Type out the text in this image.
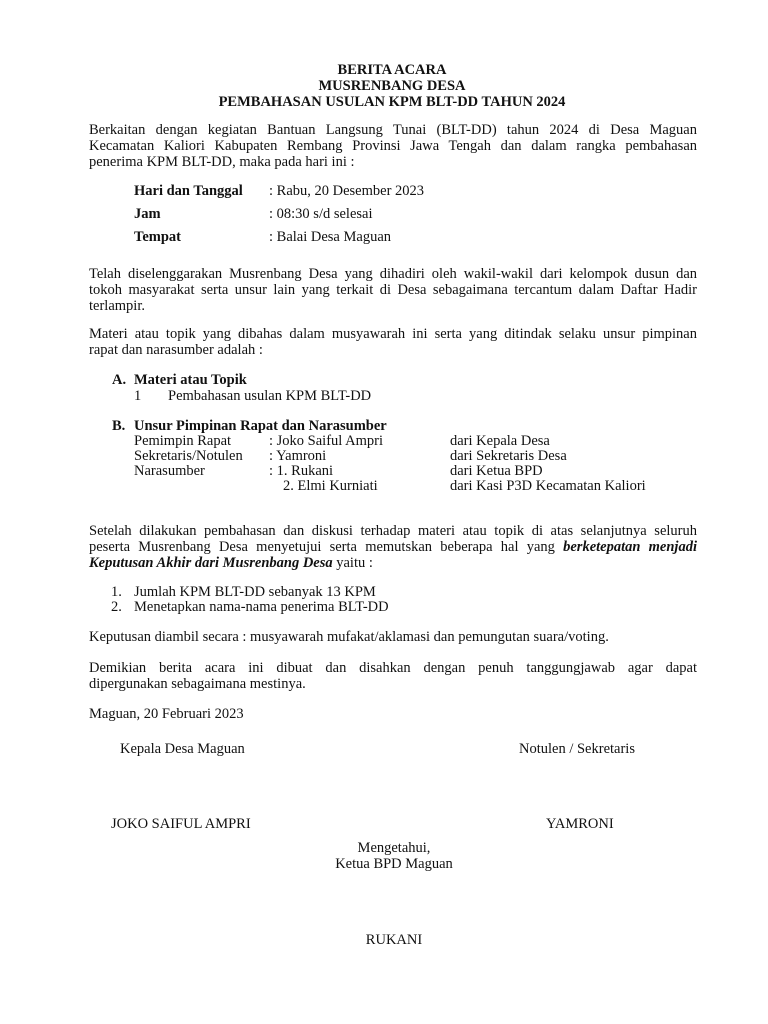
BERITA ACARA
MUSRENBANG DESA
PEMBAHASAN USULAN KPM BLT-DD TAHUN 2024
Berkaitan dengan kegiatan Bantuan Langsung Tunai (BLT-DD) tahun 2024 di Desa Maguan
Kecamatan Kaliori Kabupaten Rembang Provinsi Jawa Tengah dan dalam rangka pembahasan
penerima KPM BLT-DD, maka pada hari ini :
Hari dan Tanggal : Rabu, 20 Desember 2023
Jam	: 08:30 s/d selesai
Tempat	: Balai Desa Maguan
Telah diselenggarakan Musrenbang Desa yang dihadiri oleh wakil-wakil dari kelompok dusun dan
tokoh masyarakat serta unsur lain yang terkait di Desa sebagaimana tercantum dalam Daftar Hadir
terlampir.
Materi atau topik yang dibahas dalam musyawarah ini serta yang ditindak selaku unsur pimpinan
rapat dan narasumber adalah :
A. Materi atau Topik
1 Pembahasan usulan KPM BLT-DD
B. Unsur Pimpinan Rapat dan Narasumber
Pemimpin Rapat	: Joko Saiful Ampri	dari Kepala Desa
Sekretaris/Notulen : Yamroni	dari Sekretaris Desa
Narasumber	: 1. Rukani	dari Ketua BPD
2. Elmi Kurniati	dari Kasi P3D Kecamatan Kaliori
Setelah dilakukan pembahasan dan diskusi terhadap materi atau topik di atas selanjutnya seluruh
peserta Musrenbang Desa menyetujui serta memutskan beberapa hal yang berketepatan menjadi
Keputusan Akhir dari Musrenbang Desa yaitu :
1. Jumlah KPM BLT-DD sebanyak 13 KPM
2. Menetapkan nama-nama penerima BLT-DD
Keputusan diambil secara : musyawarah mufakat/aklamasi dan pemungutan suara/voting.
Demikian berita acara ini dibuat dan disahkan dengan penuh tanggungjawab agar dapat
dipergunakan sebagaimana mestinya.
Maguan, 20 Februari 2023
Kepala Desa Maguan	Notulen / Sekretaris
JOKO SAIFUL AMPRI	YAMRONI
Mengetahui,
Ketua BPD Maguan
RUKANI
